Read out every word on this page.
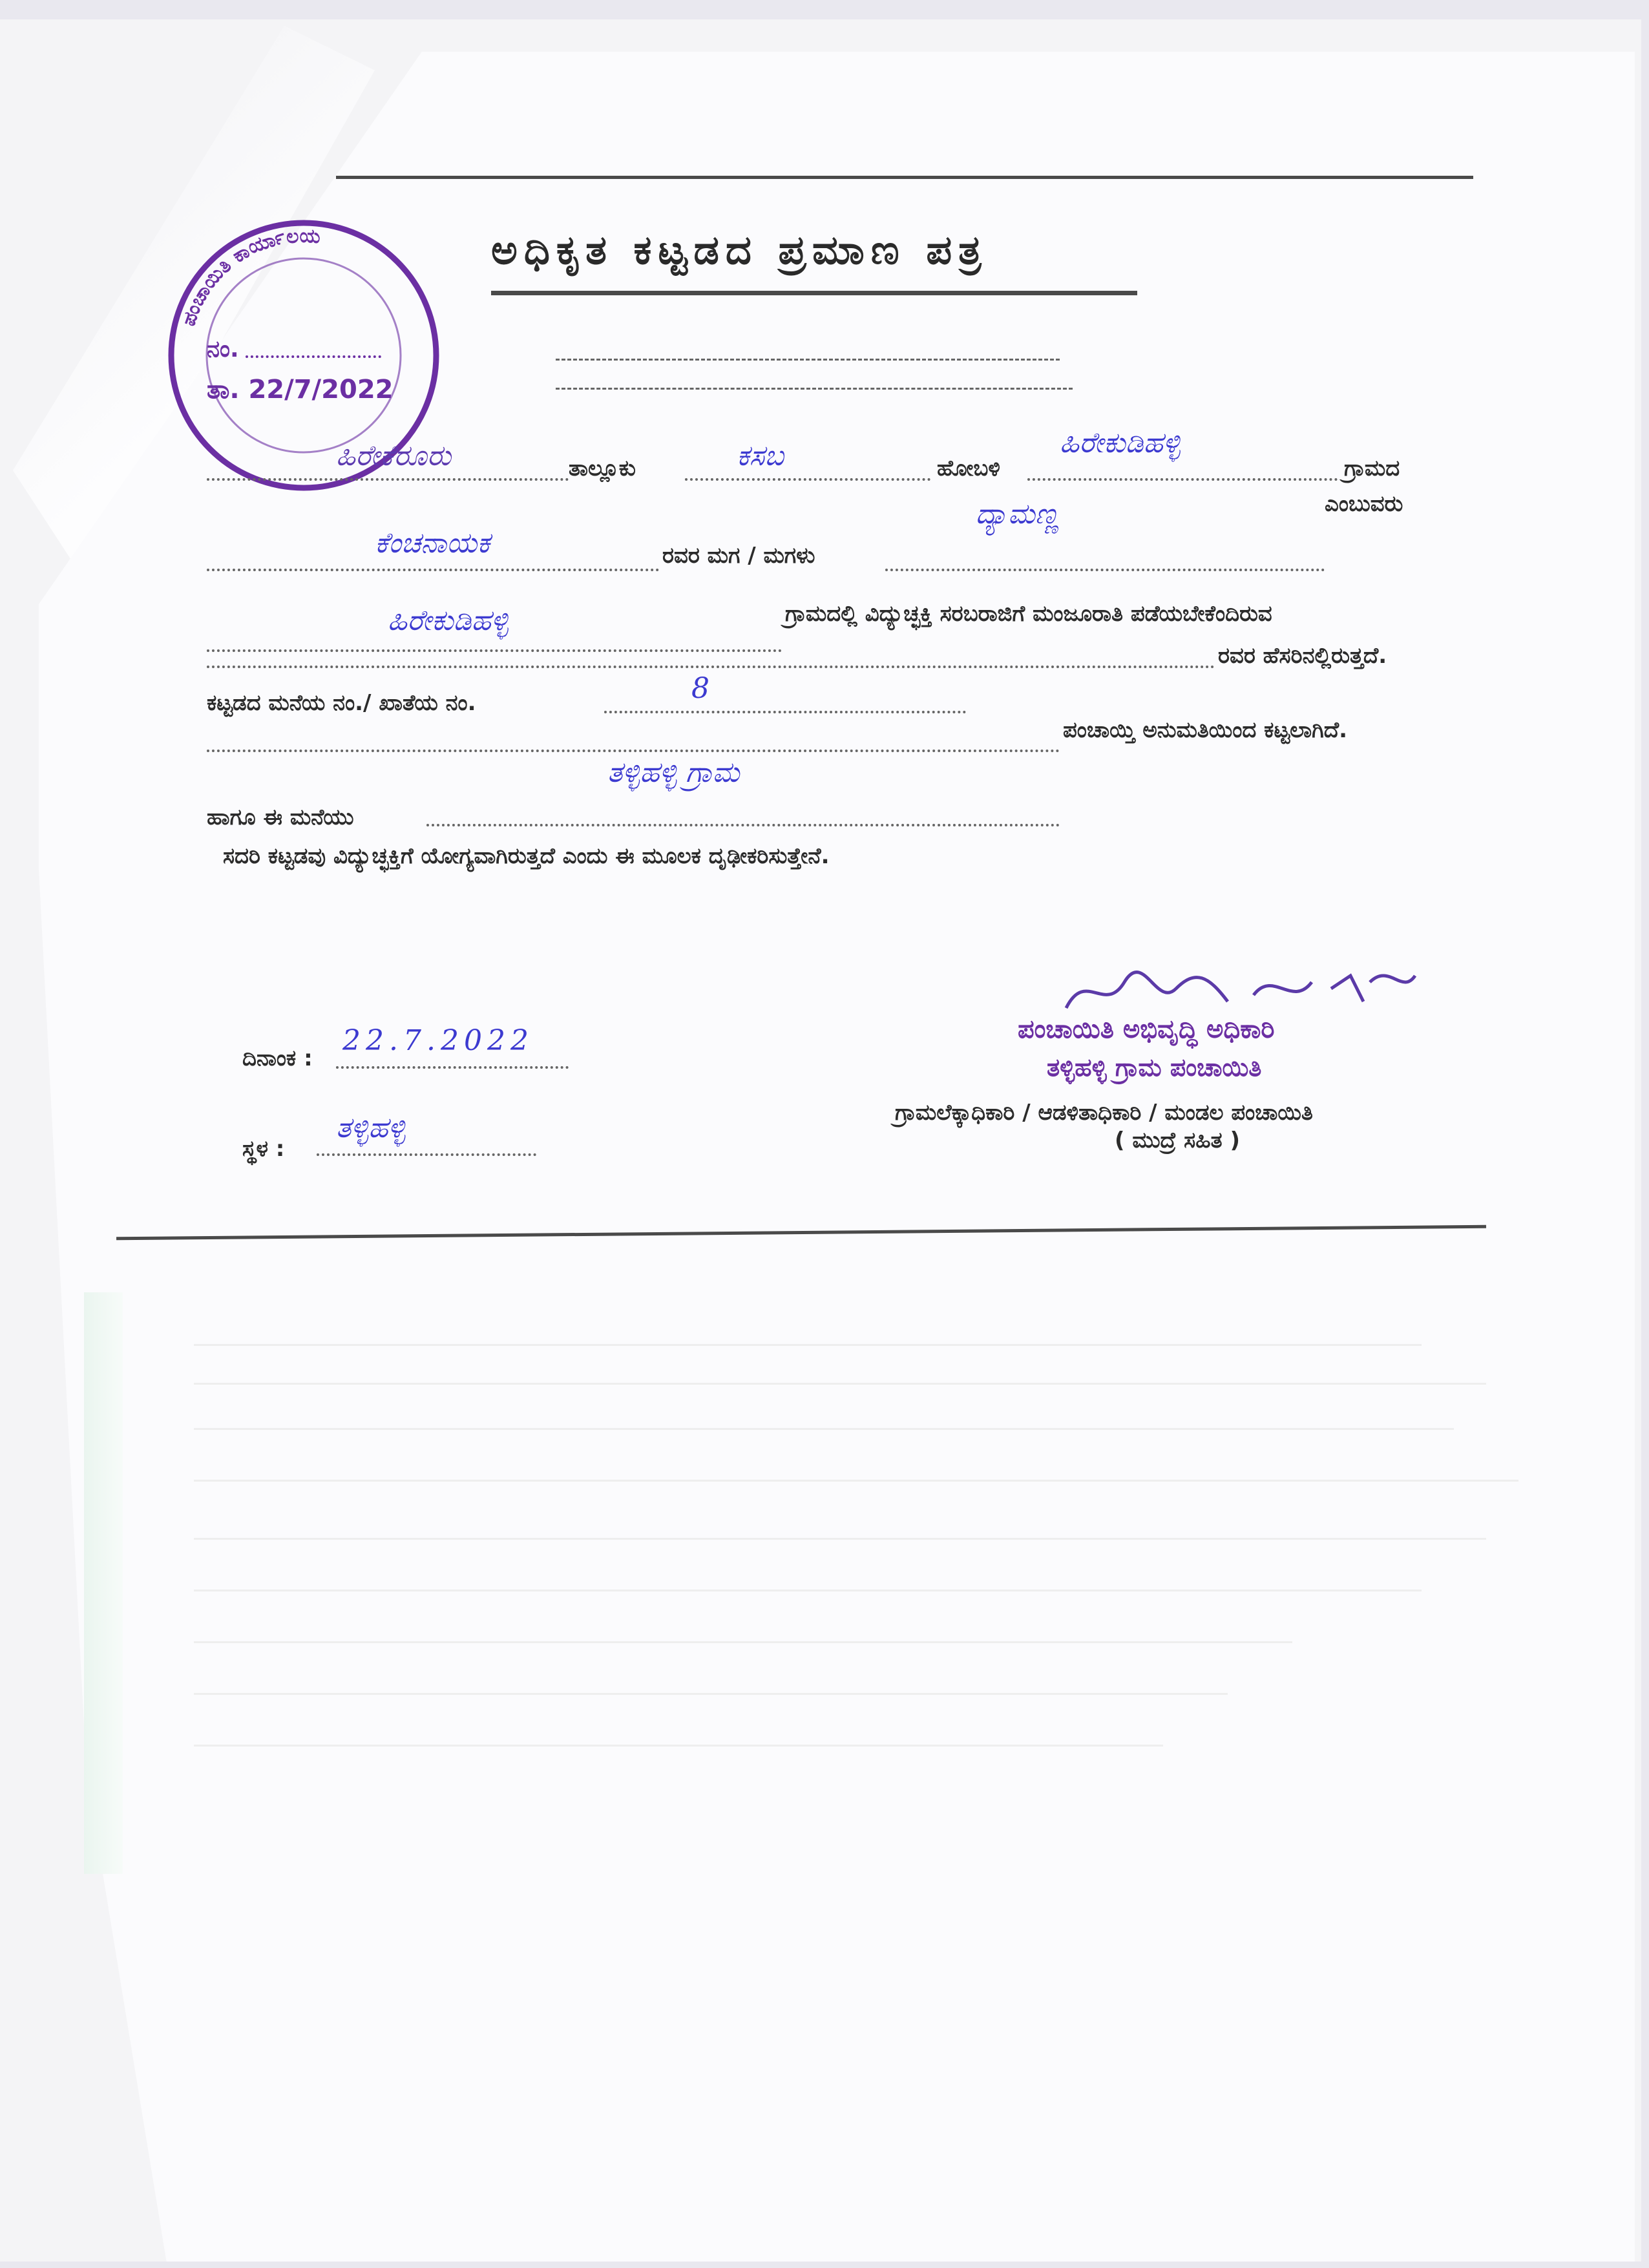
ಅಧಿಕೃತ ಕಟ್ಟಡದ ಪ್ರಮಾಣ ಪತ್ರ
ಪಂಚಾಯಿತಿ ಕಾರ್ಯಾಲಯ
ನಂ.
ತಾ. 22/7/2022
ಹಿರೇಕೆರೂರು	ತಾಲ್ಲೂಕು	ಕಸಬ	ಹೋಬಳಿ
ಹಿರೇಕುಡಿಹಳ್ಳಿ
ಗ್ರಾಮದ
ಕೆಂಚನಾಯಕ	ರವರ ಮಗ / ಮಗಳು
ದ್ಯಾಮಣ್ಣ	ಎಂಬುವರು
ಹಿರೇಕುಡಿಹಳ್ಳಿ	ಗ್ರಾಮದಲ್ಲಿ ವಿದ್ಯುಚ್ಛಕ್ತಿ ಸರಬರಾಜಿಗೆ ಮಂಜೂರಾತಿ ಪಡೆಯಬೇಕೆಂದಿರುವ
ರವರ ಹೆಸರಿನಲ್ಲಿರುತ್ತದೆ.
ಕಟ್ಟಡದ ಮನೆಯ ನಂ./ ಖಾತೆಯ ನಂ.	8
ತಳ್ಳಿಹಳ್ಳಿ ಗ್ರಾಮ
ಪಂಚಾಯ್ತಿ ಅನುಮತಿಯಿಂದ ಕಟ್ಟಲಾಗಿದೆ.
ಹಾಗೂ ಈ ಮನೆಯು
ಸದರಿ ಕಟ್ಟಡವು ವಿದ್ಯುಚ್ಛಕ್ತಿಗೆ ಯೋಗ್ಯವಾಗಿರುತ್ತದೆ ಎಂದು ಈ ಮೂಲಕ ದೃಢೀಕರಿಸುತ್ತೇನೆ.
ಪಂಚಾಯಿತಿ ಅಭಿವೃದ್ಧಿ ಅಧಿಕಾರಿ
ತಳ್ಳಿಹಳ್ಳಿ ಗ್ರಾಮ ಪಂಚಾಯಿತಿ
ದಿನಾಂಕ :
22.7.2022
ಸ್ಥಳ :
ತಳ್ಳಿಹಳ್ಳಿ	ಗ್ರಾಮಲೆಕ್ಕಾಧಿಕಾರಿ / ಆಡಳಿತಾಧಿಕಾರಿ / ಮಂಡಲ ಪಂಚಾಯಿತಿ
( ಮುದ್ರೆ ಸಹಿತ )
